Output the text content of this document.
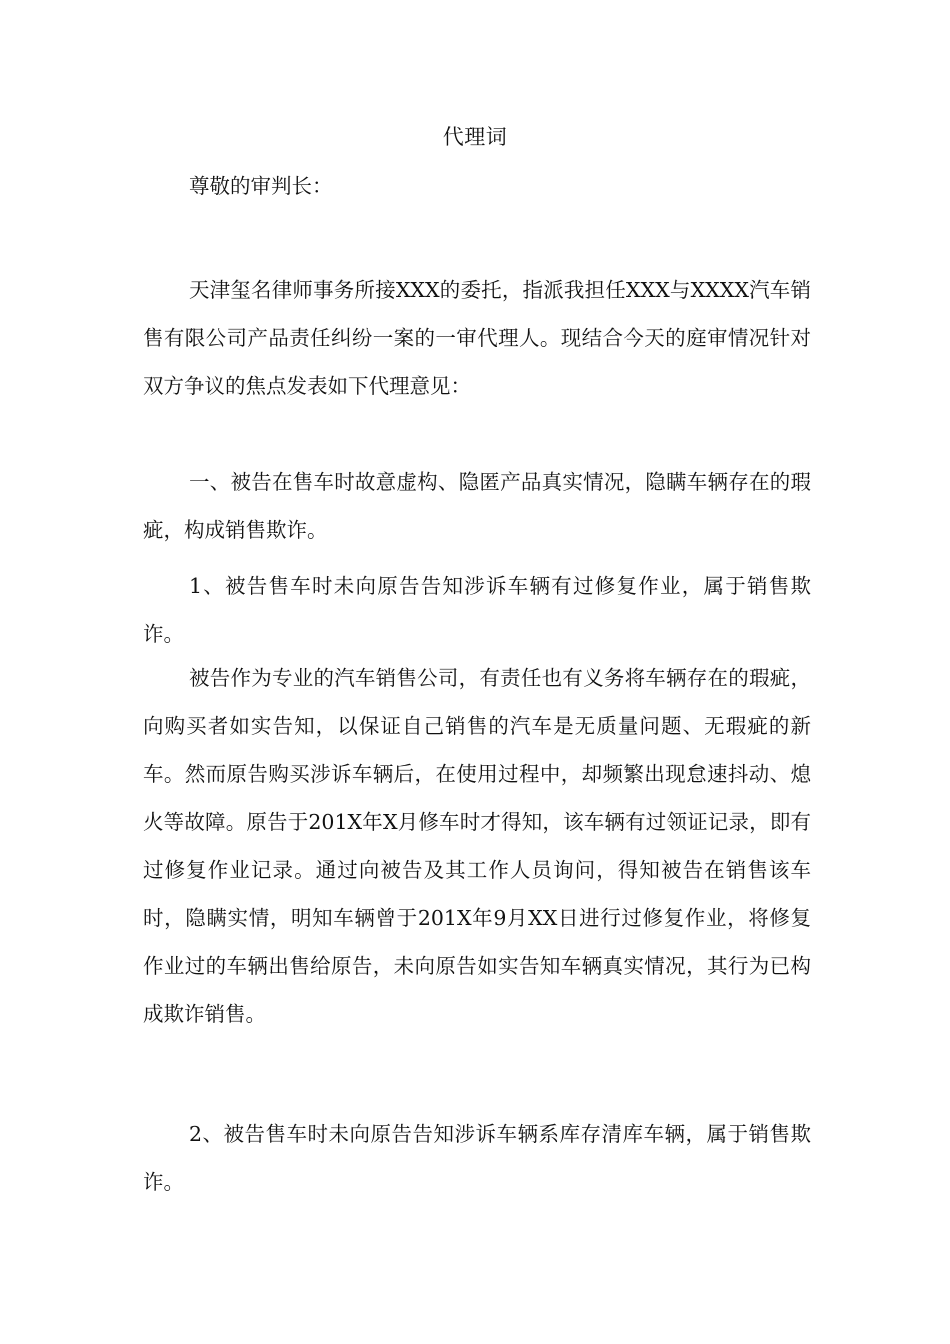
代理词

尊敬的审判长：

天津玺名律师事务所接XXX的委托，指派我担任XXX与XXXX汽车销售有限公司产品责任纠纷一案的一审代理人。现结合今天的庭审情况针对双方争议的焦点发表如下代理意见：

一、被告在售车时故意虚构、隐匿产品真实情况，隐瞒车辆存在的瑕疵，构成销售欺诈。

1、被告售车时未向原告告知涉诉车辆有过修复作业，属于销售欺诈。

被告作为专业的汽车销售公司，有责任也有义务将车辆存在的瑕疵，向购买者如实告知，以保证自己销售的汽车是无质量问题、无瑕疵的新车。然而原告购买涉诉车辆后，在使用过程中，却频繁出现怠速抖动、熄火等故障。原告于201X年X月修车时才得知，该车辆有过领证记录，即有过修复作业记录。通过向被告及其工作人员询问，得知被告在销售该车时，隐瞒实情，明知车辆曾于201X年9月XX日进行过修复作业，将修复作业过的车辆出售给原告，未向原告如实告知车辆真实情况，其行为已构成欺诈销售。

2、被告售车时未向原告告知涉诉车辆系库存清库车辆，属于销售欺诈。
